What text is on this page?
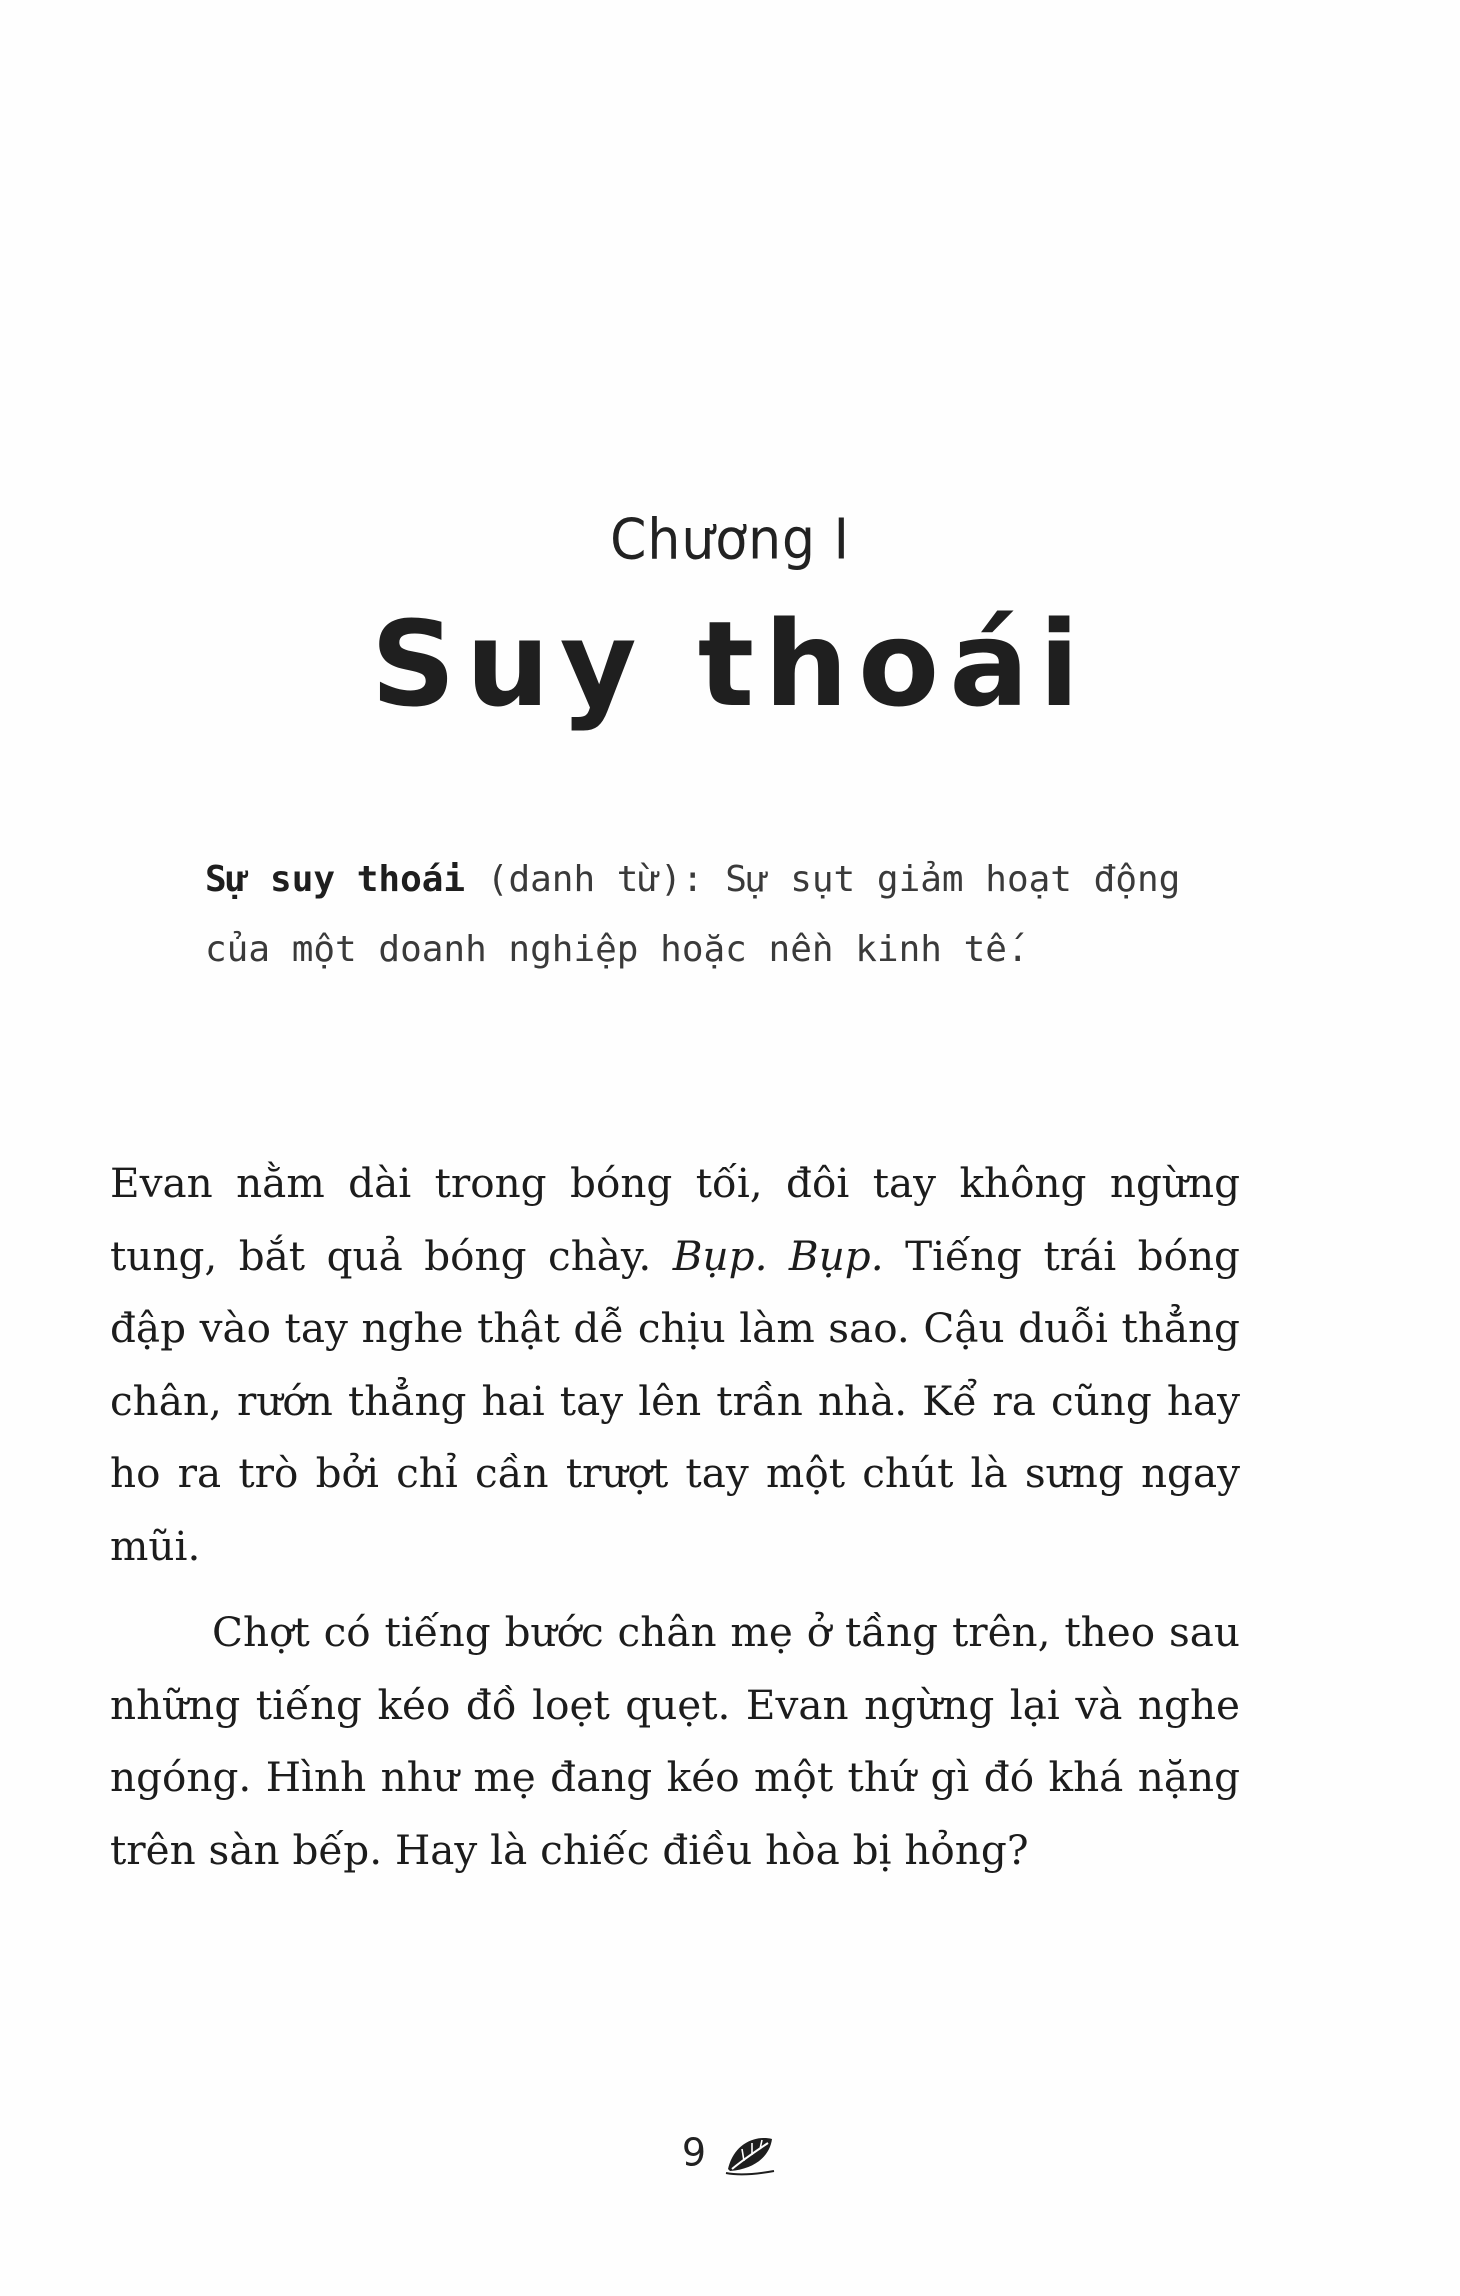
Chương I
Suy thoái
Sự suy thoái (danh từ): Sự sụt giảm hoạt động của một doanh nghiệp hoặc nền kinh tế.

Evan nằm dài trong bóng tối, đôi tay không ngừng tung, bắt quả bóng chày. Bụp. Bụp. Tiếng trái bóng đập vào tay nghe thật dễ chịu làm sao. Cậu duỗi thẳng chân, rướn thẳng hai tay lên trần nhà. Kể ra cũng hay ho ra trò bởi chỉ cần trượt tay một chút là sưng ngay mũi.

Chợt có tiếng bước chân mẹ ở tầng trên, theo sau những tiếng kéo đồ loẹt quẹt. Evan ngừng lại và nghe ngóng. Hình như mẹ đang kéo một thứ gì đó khá nặng trên sàn bếp. Hay là chiếc điều hòa bị hỏng?

9
